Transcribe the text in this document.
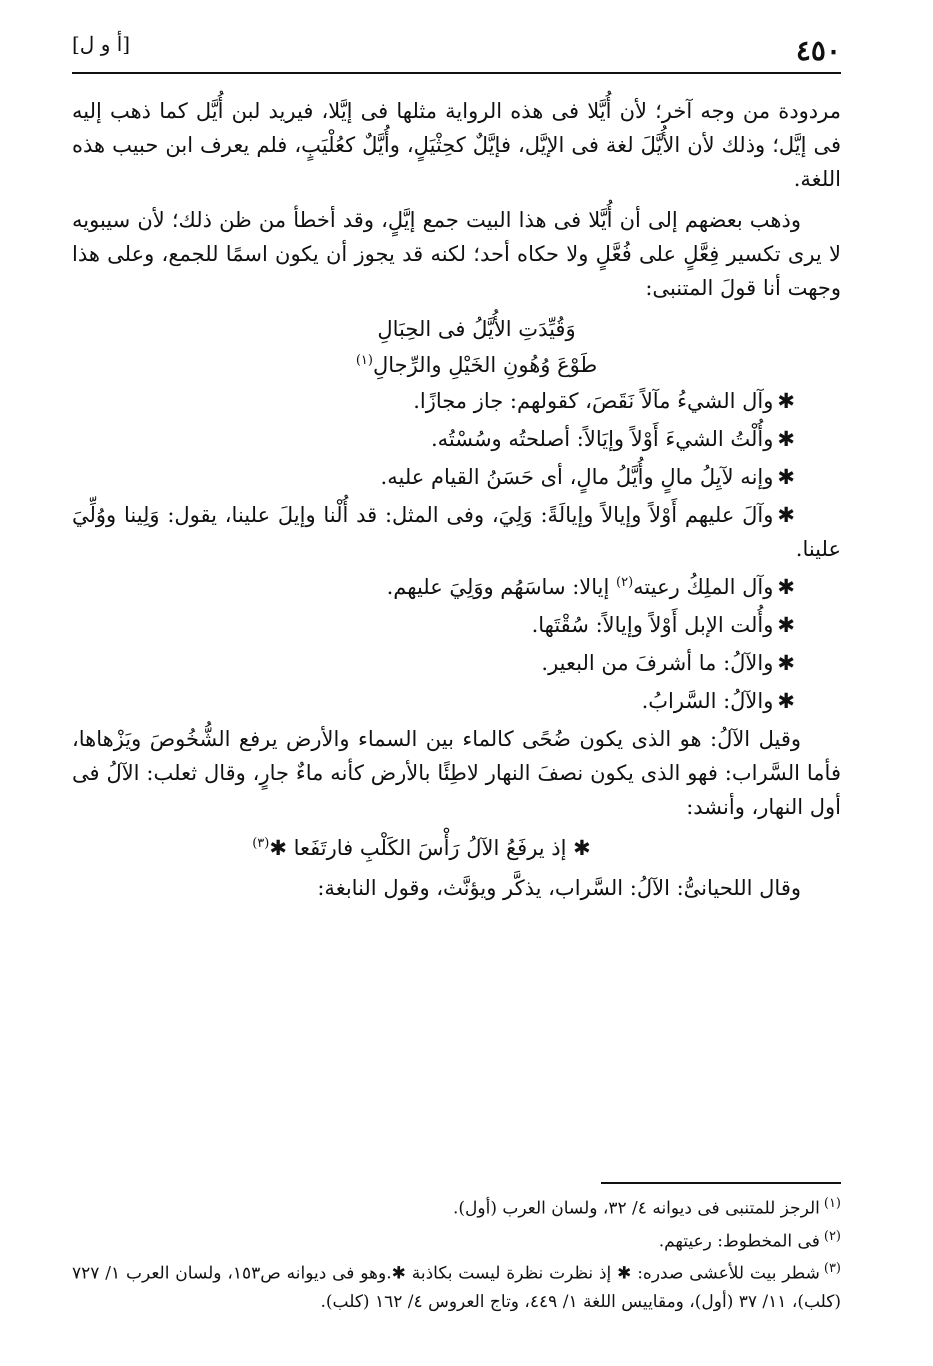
٤٥٠
[أ و ل]

مردودة من وجه آخر؛ لأن أُيَّلا فى هذه الرواية مثلها فى إيَّلا، فيريد لبن أُيَّل كما ذهب إليه فى إيَّل؛ وذلك لأن الأُيَّلَ لغة فى الإيَّل، فإيَّلٌ كحِثْيَلٍ، وأُيَّلٌ كعُلْيَبٍ، فلم يعرف ابن حبيب هذه اللغة.

وذهب بعضهم إلى أن أُيَّلا فى هذا البيت جمع إيَّلٍ، وقد أخطأ من ظن ذلك؛ لأن سيبويه لا يرى تكسير فِعَّلٍ على فُعَّلٍ ولا حكاه أحد؛ لكنه قد يجوز أن يكون اسمًا للجمع، وعلى هذا وجهت أنا قولَ المتنبى:

وَقُيِّدَتِ الأُيَّلُ فى الحِبَالِ

طَوْعَ وُهُونِ الخَيْلِ والرِّجالِ$^{(١)}$

✱وآل الشيءُ مآلاً نَقَصَ، كقولهم: جاز مجازًا.

✱وأُلْتُ الشيءَ أَوْلاً وإيَالاً: أصلحتُه وسُسْتُه.

✱وإنه لآيِلُ مالٍ وأُيَّلُ مالٍ، أى حَسَنُ القيام عليه.

✱وآلَ عليهم أَوْلاً وإيالاً وإيالَةً: وَلِيَ، وفى المثل: قد أُلْنا وإيلَ علينا، يقول: وَلِينا ووُلِّيَ علينا.

✱وآل الملِكُ رعيته$^{(٢)}$ إيالا: ساسَهُم ووَلِيَ عليهم.

✱وأُلت الإبل أَوْلاً وإيالاً: سُقْتَها.

✱والآلُ: ما أشرفَ من البعير.

✱والآلُ: السَّرابُ.

وقيل الآلُ: هو الذى يكون ضُحًى كالماء بين السماء والأرض يرفع الشُّخُوصَ ويَزْهاها، فأما السَّراب: فهو الذى يكون نصفَ النهار لاطِئًا بالأرض كأنه ماءٌ جارٍ، وقال ثعلب: الآلُ فى أول النهار، وأنشد:

✱ إذ يرفَعُ الآلُ رَأْسَ الكَلْبِ فارتَفَعا ✱$^{(٣)}$

وقال اللحيانىُّ: الآلُ: السَّراب، يذكَّر ويؤنَّث، وقول النابغة:

$^{(١)}$الرجز للمتنبى فى ديوانه ٤/ ٣٢، ولسان العرب (أول).

$^{(٢)}$فى المخطوط: رعيتهم.

$^{(٣)}$شطر بيت للأعشى صدره: ✱ إذ نظرت نظرة ليست بكاذبة ✱.وهو فى ديوانه ص١٥٣، ولسان العرب ١/ ٧٢٧ (كلب)، ١١/ ٣٧ (أول)، ومقاييس اللغة ١/ ٤٤٩، وتاج العروس ٤/ ١٦٢ (كلب).
